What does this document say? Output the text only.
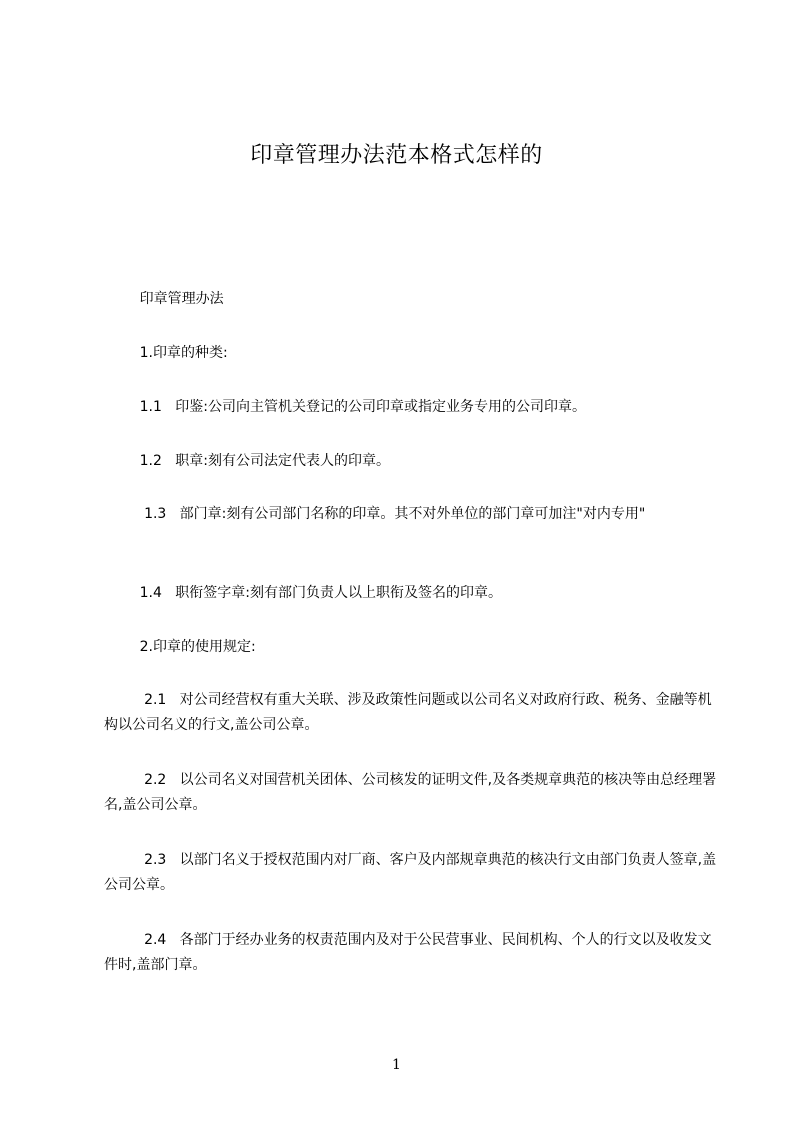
印章管理办法范本格式怎样的
印章管理办法
1.印章的种类:
1.1   印鉴:公司向主管机关登记的公司印章或指定业务专用的公司印章。
1.2   职章:刻有公司法定代表人的印章。
1.3   部门章:刻有公司部门名称的印章。其不对外单位的部门章可加注"对内专用"
1.4   职衔签字章:刻有部门负责人以上职衔及签名的印章。
2.印章的使用规定:
2.1   对公司经营权有重大关联、涉及政策性问题或以公司名义对政府行政、税务、金融等机构以公司名义的行文,盖公司公章。
2.2   以公司名义对国营机关团体、公司核发的证明文件,及各类规章典范的核决等由总经理署名,盖公司公章。
2.3   以部门名义于授权范围内对厂商、客户及内部规章典范的核决行文由部门负责人签章,盖公司公章。
2.4   各部门于经办业务的权责范围内及对于公民营事业、民间机构、个人的行文以及收发文件时,盖部门章。
1
